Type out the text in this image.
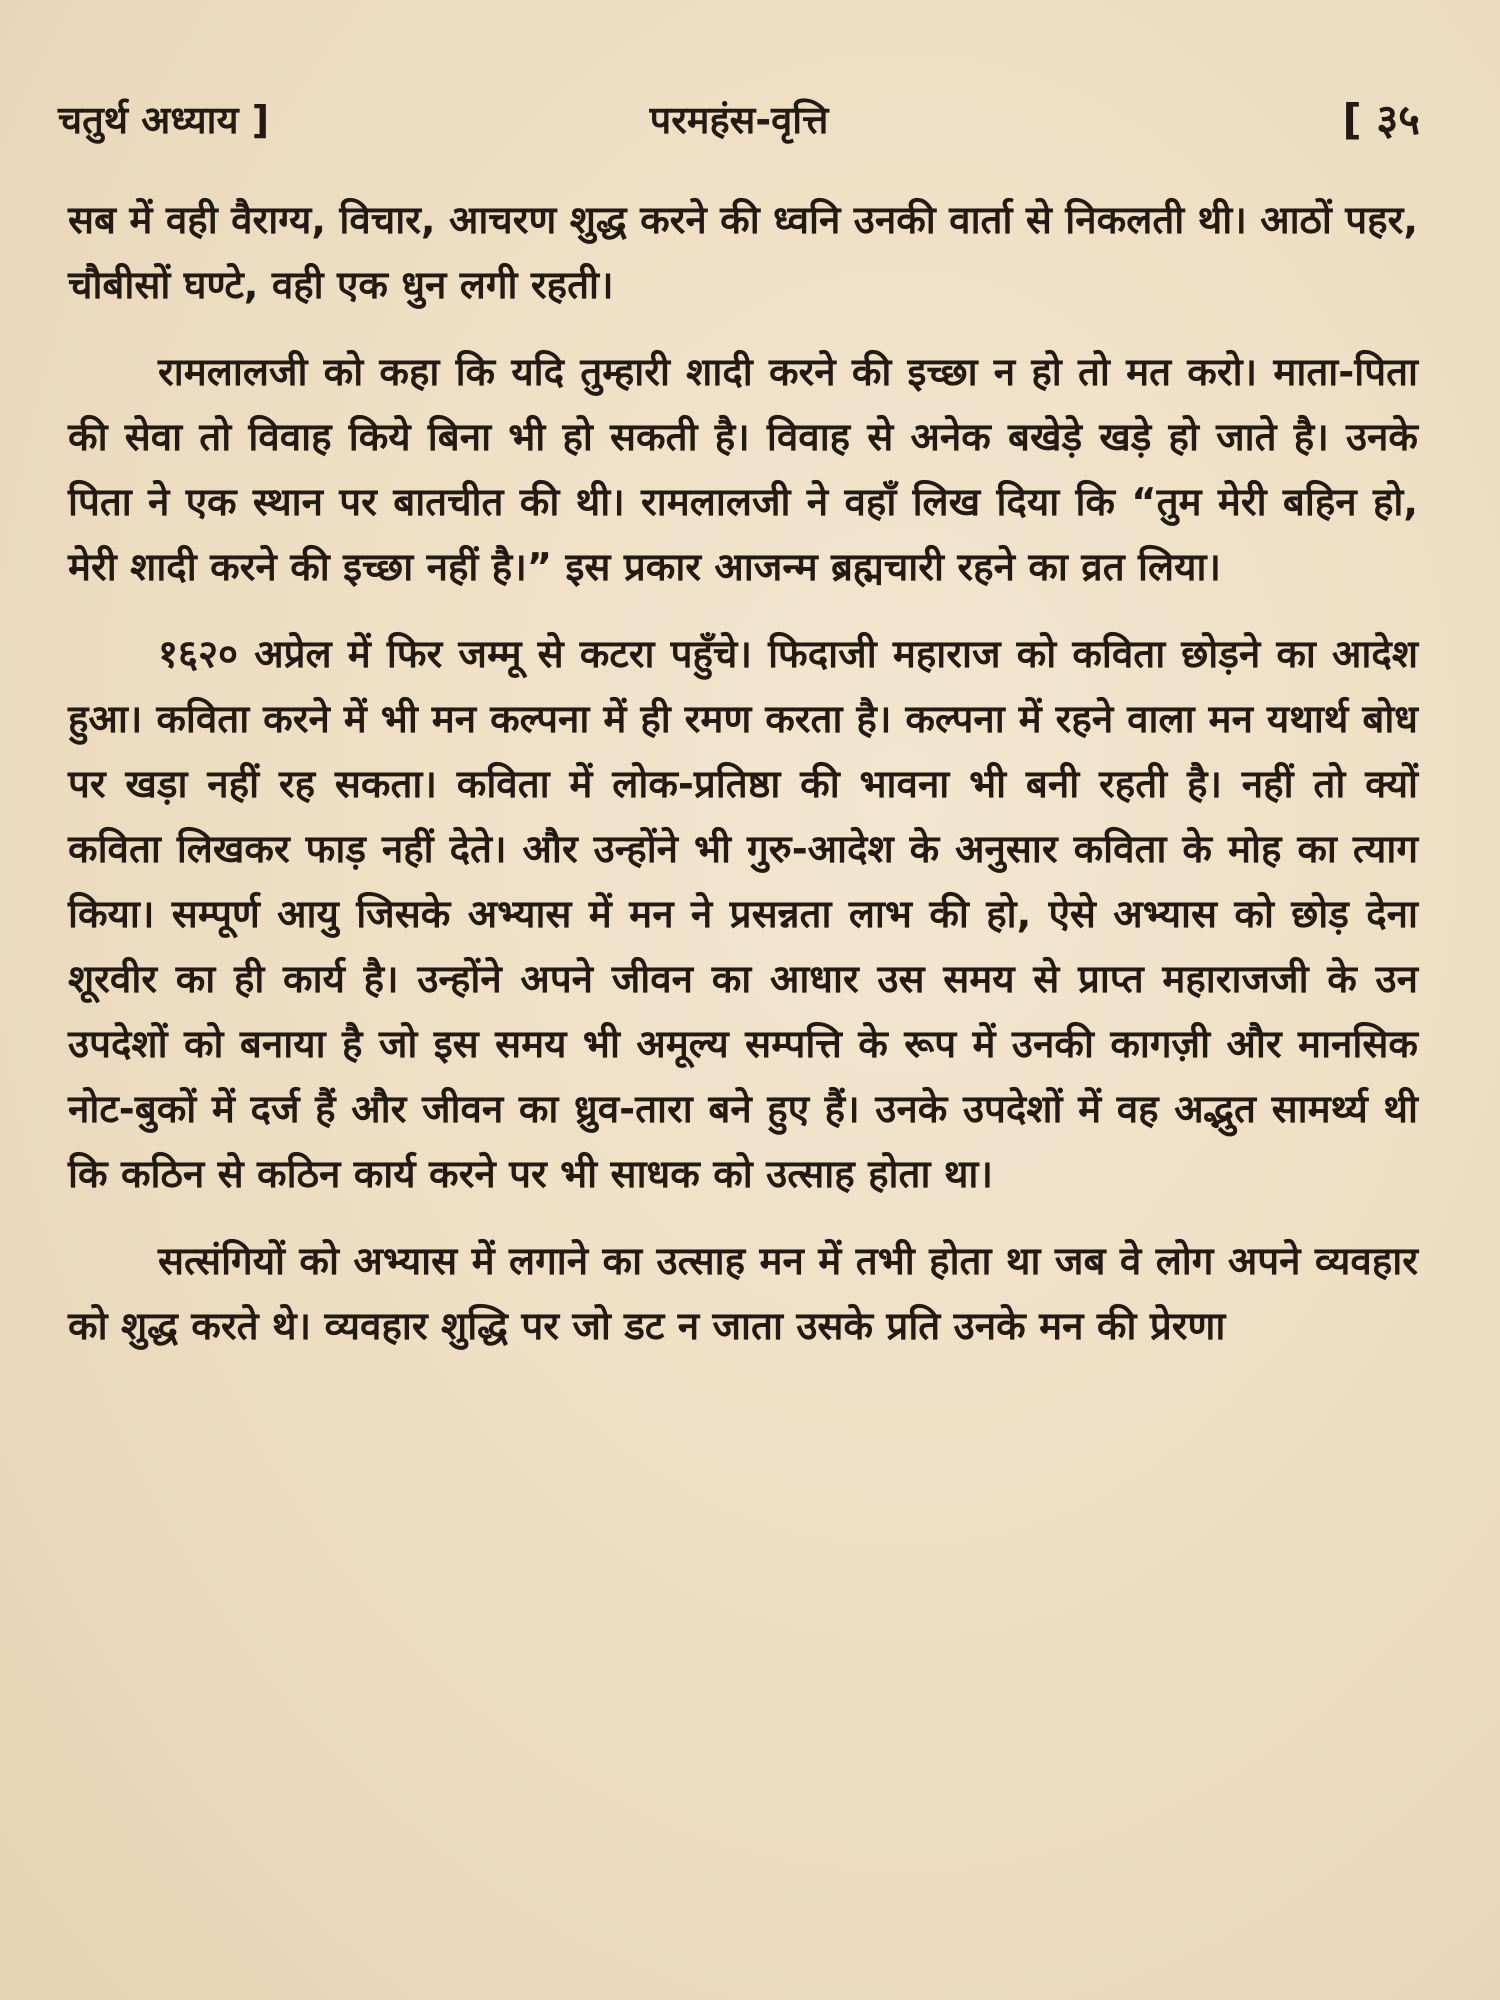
चतुर्थ अध्याय ]	परमहंस-वृत्ति	[ ३५

सब में वही वैराग्य, विचार, आचरण शुद्ध करने की ध्वनि उनकी वार्ता से निकलती थी। आठों पहर, चौबीसों घण्टे, वही एक धुन लगी रहती।

रामलालजी को कहा कि यदि तुम्हारी शादी करने की इच्छा न हो तो मत करो। माता-पिता की सेवा तो विवाह किये बिना भी हो सकती है। विवाह से अनेक बखेड़े खड़े हो जाते है। उनके पिता ने एक स्थान पर बातचीत की थी। रामलालजी ने वहाँ लिख दिया कि “तुम मेरी बहिन हो, मेरी शादी करने की इच्छा नहीं है।” इस प्रकार आजन्म ब्रह्मचारी रहने का व्रत लिया।

१६२० अप्रेल में फिर जम्मू से कटरा पहुँचे। फिदाजी महाराज को कविता छोड़ने का आदेश हुआ। कविता करने में भी मन कल्पना में ही रमण करता है। कल्पना में रहने वाला मन यथार्थ बोध पर खड़ा नहीं रह सकता। कविता में लोक-प्रतिष्ठा की भावना भी बनी रहती है। नहीं तो क्यों कविता लिखकर फाड़ नहीं देते। और उन्होंने भी गुरु-आदेश के अनुसार कविता के मोह का त्याग किया। सम्पूर्ण आयु जिसके अभ्यास में मन ने प्रसन्नता लाभ की हो, ऐसे अभ्यास को छोड़ देना शूरवीर का ही कार्य है। उन्होंने अपने जीवन का आधार उस समय से प्राप्त महाराजजी के उन उपदेशों को बनाया है जो इस समय भी अमूल्य सम्पत्ति के रूप में उनकी कागज़ी और मानसिक नोट-बुकों में दर्ज हैं और जीवन का ध्रुव-तारा बने हुए हैं। उनके उपदेशों में वह अद्भुत सामर्थ्य थी कि कठिन से कठिन कार्य करने पर भी साधक को उत्साह होता था।

सत्संगियों को अभ्यास में लगाने का उत्साह मन में तभी होता था जब वे लोग अपने व्यवहार को शुद्ध करते थे। व्यवहार शुद्धि पर जो डट न जाता उसके प्रति उनके मन की प्रेरणा
